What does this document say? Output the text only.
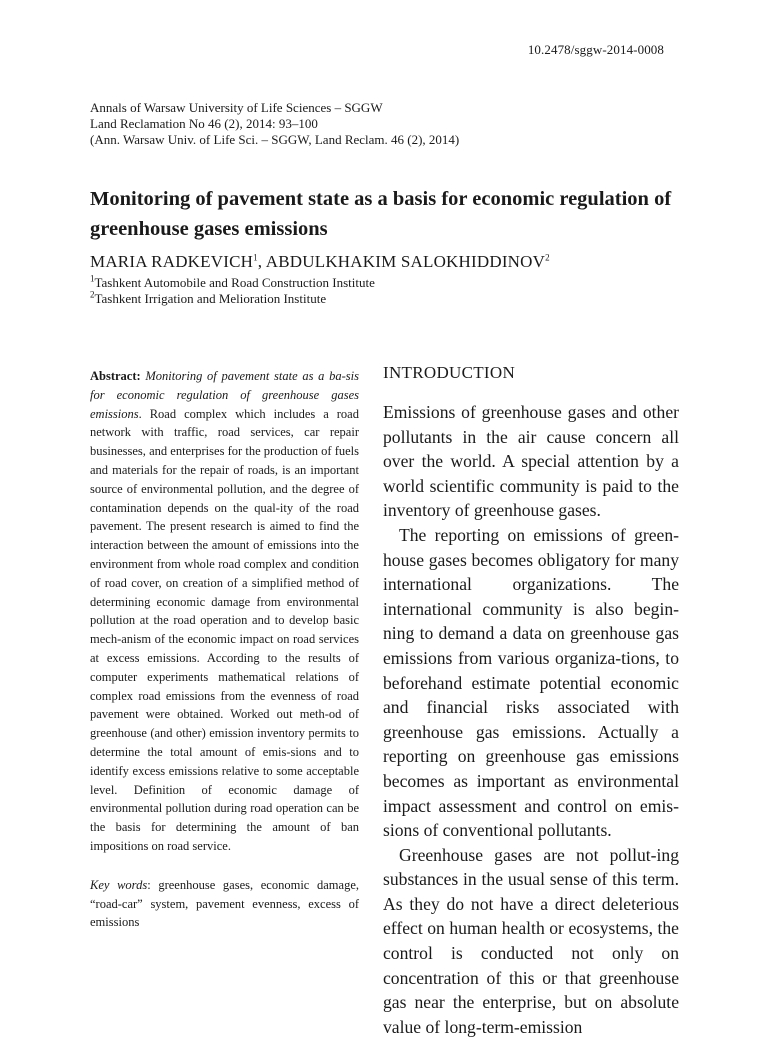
10.2478/sggw-2014-0008
Annals of Warsaw University of Life Sciences – SGGW
Land Reclamation No 46 (2), 2014: 93–100
(Ann. Warsaw Univ. of Life Sci. – SGGW, Land Reclam. 46 (2), 2014)
Monitoring of pavement state as a basis for economic regulation of greenhouse gases emissions
MARIA RADKEVICH$^1$, ABDULKHAKIM SALOKHIDDINOV$^2$
$^1$Tashkent Automobile and Road Construction Institute
$^2$Tashkent Irrigation and Melioration Institute

Abstract: Monitoring of pavement state as a ba-sis for economic regulation of greenhouse gases emissions. Road complex which includes a road network with traffic, road services, car repair businesses, and enterprises for the production of fuels and materials for the repair of roads, is an important source of environmental pollution, and the degree of contamination depends on the qual-ity of the road pavement. The present research is aimed to find the interaction between the amount of emissions into the environment from whole road complex and condition of road cover, on creation of a simplified method of determining economic damage from environmental pollution at the road operation and to develop basic mech-anism of the economic impact on road services at excess emissions. According to the results of computer experiments mathematical relations of complex road emissions from the evenness of road pavement were obtained. Worked out meth-od of greenhouse (and other) emission inventory permits to determine the total amount of emis-sions and to identify excess emissions relative to some acceptable level. Definition of economic damage of environmental pollution during road operation can be the basis for determining the amount of ban impositions on road service.

Key words: greenhouse gases, economic damage, “road-car” system, pavement evenness, excess of emissions

INTRODUCTION

Emissions of greenhouse gases and other pollutants in the air cause concern all over the world. A special attention by a world scientific community is paid to the inventory of greenhouse gases.

The reporting on emissions of green-house gases becomes obligatory for many international organizations. The international community is also begin-ning to demand a data on greenhouse gas emissions from various organiza-tions, to beforehand estimate potential economic and financial risks associated with greenhouse gas emissions. Actually a reporting on greenhouse gas emissions becomes as important as environmental impact assessment and control on emis-sions of conventional pollutants.

Greenhouse gases are not pollut-ing substances in the usual sense of this term. As they do not have a direct deleterious effect on human health or ecosystems, the control is conducted not only on concentration of this or that greenhouse gas near the enterprise, but on absolute value of long-term-emission
